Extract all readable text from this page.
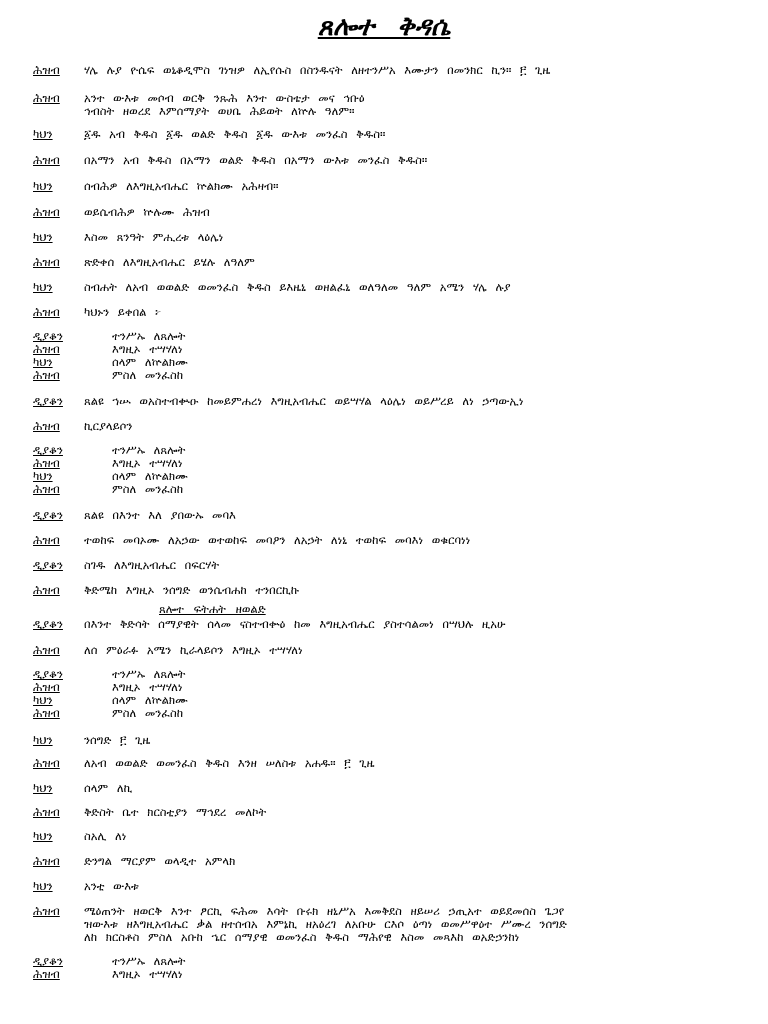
ጸሎተ ቅዳሴ
ጸሎተ ፍትሐት ዘወልድ
ሕዝብ ሃሌ ሉያ ዮሴፍ ወኒቆዲሞስ ገነዝዎ ለኢየሱስ በስንዱናት ለዘተንሥአ እሙታን በመንክር ኪን። ፫ ጊዜ
ሕዝብ አንተ ውእቱ መሶብ ወርቅ ንጹሕ እንተ ውስቴታ መና ኅቡዕ
ኅብስት ዘወረደ እምሰማያት ወሀቤ ሕይወት ለኵሉ ዓለም።
ካህን	፩ዱ አብ ቅዱስ ፩ዱ ወልድ ቅዱስ ፩ዱ ውእቱ መንፈስ ቅዱስ።
ሕዝብ በአማን አብ ቅዱስ በአማን ወልድ ቅዱስ በአማን ውእቱ መንፈስ ቅዱስ።
ካህን	ሰብሕዎ ለእግዚአብሔር ኵልክሙ አሕዛብ።
ሕዝብ ወይሴብሕዎ ኵሉሙ ሕዝብ
ካህን	እስመ ጸንዓት ምሒረቱ ላዕሌነ
ሕዝብ ጽድቀሰ ለእግዚአብሔር ይሄሉ ለዓለም
ካህን	ስብሐት ለአብ ወወልድ ወመንፈስ ቅዱስ ይእዜኒ ወዘልፈኒ ወለዓለመ ዓለም አሜን ሃሌ ሉያ
ሕዝብ ካህኑን ይቀበል ፦
ዲያቆን	ተንሥኡ ለጸሎት
ሕዝብ	እግዚኦ ተሣሃለነ
ካህን	ሰላም ለኵልክሙ
ሕዝብ	ምስለ መንፈስከ
ዲያቆን ጸልዩ ኀሡ ወአስተብቊዑ ከመይምሐረነ እግዚአብሔር ወይሣሃል ላዕሌነ ወይሥረይ ለነ ኃጣውኢነ
ሕዝብ ኪርያላይሶን
ዲያቆን	ተንሥኡ ለጸሎት
ሕዝብ	እግዚኦ ተሣሃለነ
ካህን	ሰላም ለኵልክሙ
ሕዝብ	ምስለ መንፈስከ
ዲያቆን ጸልዩ በእንተ እለ ያበውኡ መባእ
ሕዝብ ተወከፍ መባኦሙ ለአኃው ወተወከፍ መባዖን ለአኃት ለነኒ ተወከፍ መባእነ ወቁርባነነ
ዲያቆን ስገዱ ለእግዚአብሔር በፍርሃት
ሕዝብ ቅድሜከ እግዚኦ ንሰግድ ወንሴብሐከ ተንበርኪኩ
ዲያቆን በእንተ ቅድሳት ሰማያዊት ሰላመ ናስተብቍዕ ከመ እግዚአብሔር ያስተሳልመነ በሣህሉ ዚአሁ
ሕዝብ ለሰ ምዕራፉ አሜን ኪራላይሶን እግዚኦ ተሣሃለነ
ዲያቆን	ተንሥኡ ለጸሎት
ሕዝብ	እግዚኦ ተሣሃለነ
ካህን	ሰላም ለኵልክሙ
ሕዝብ	ምስለ መንፈስከ
ካህን	ንሰግድ ፫ ጊዜ
ሕዝብ ለአብ ወወልድ ወመንፈስ ቅዱስ እንዘ ሠለስቱ አሐዱ። ፫ ጊዜ
ካህን	ሰላም ለኪ
ሕዝብ ቅድስት ቤተ ክርስቲያን ማኅደረ መለኮት
ካህን	ስአሊ ለነ
ሕዝብ ድንግል ማርያም ወላዲተ አምላክ
ካህን	አንቲ ውእቱ
ሕዝብ ሜዕጠንት ዘወርቅ እንተ ፆርኪ ፍሕመ እሳት ቡሩክ ዘኒሥአ እመቅደስ ዘይሠሪ ኃጢአተ ወይደመሰስ ጌጋየ
ዝውእቱ ዘእግዚአብሔር ቃል ዘተሰብአ እምኔኪ ዘአዕረገ ለአቡሁ ርእሶ ዕጣነ ወመሥዋዕተ ሥሙረ ንሰግድ
ለከ ክርስቶስ ምስለ አቡከ ኄር ሰማያዊ ወመንፈስ ቅዱስ ማሕየዊ እስመ መጻእከ ወአድኃንከነ
ዲያቆን	ተንሥኡ ለጸሎት
ሕዝብ	እግዚኦ ተሣሃለነ
